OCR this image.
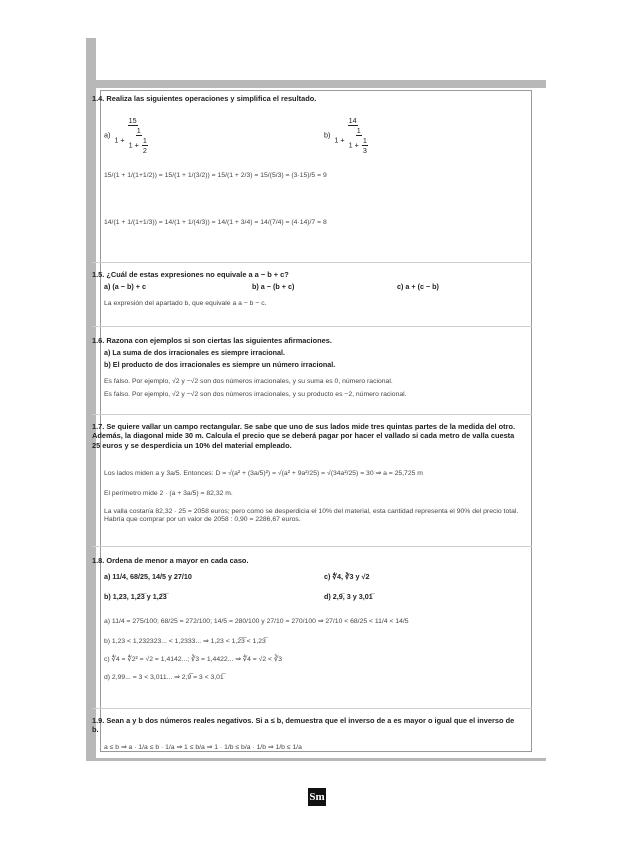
1.4. Realiza las siguientes operaciones y simplifica el resultado.
$a) \frac{15}{1 + \frac{1}{1 + \frac{1}{2}}}$	$b) \frac{14}{1 + \frac{1}{1 + \frac{1}{3}}}$
15/(1 + 1/(1+1/2)) = 15/(1 + 1/(3/2)) = 15/(1 + 2/3) = 15/(5/3) = (3·15)/5 = 9
14/(1 + 1/(1+1/3)) = 14/(1 + 1/(4/3)) = 14/(1 + 3/4) = 14/(7/4) = (4·14)/7 = 8
1.5. ¿Cuál de estas expresiones no equivale a a − b + c?
a) (a − b) + c	b) a − (b + c)	c) a + (c − b)
La expresión del apartado b, que equivale a a − b − c.
1.6. Razona con ejemplos si son ciertas las siguientes afirmaciones.
a) La suma de dos irracionales es siempre irracional.
b) El producto de dos irracionales es siempre un número irracional.
Es falso. Por ejemplo, √2 y −√2 son dos números irracionales, y su suma es 0, número racional.
Es falso. Por ejemplo, √2 y −√2 son dos números irracionales, y su producto es −2, número racional.
1.7. Se quiere vallar un campo rectangular. Se sabe que uno de sus lados mide tres quintas partes de la medida del otro. Además, la diagonal mide 30 m. Calcula el precio que se deberá pagar por hacer el vallado si cada metro de valla cuesta 25 euros y se desperdicia un 10% del material empleado.
Los lados miden a y 3a/5. Entonces: D = √(a² + (3a/5)²) = √(a² + 9a²/25) = √(34a²/25) = 30 ⇒ a = 25,725 m
El perímetro mide 2 · (a + 3a/5) = 82,32 m.
La valla costaría 82,32 · 25 = 2058 euros; pero como se desperdicia el 10% del material, esta cantidad representa el 90% del precio total. Habría que comprar por un valor de 2058 : 0,90 = 2286,67 euros.
1.8. Ordena de menor a mayor en cada caso.
a) 11/4, 68/25, 14/5 y 27/10	c) ∜4, ∛3 y √2
b) 1,23, 1,2̅3̅ y 1,2̅3̅	d) 2,9̅, 3 y 3,01̅
a) 11/4 = 275/100; 68/25 = 272/100; 14/5 = 280/100 y 27/10 = 270/100 ⇒ 27/10 < 68/25 < 11/4 < 14/5
b) 1,23 < 1,232323... < 1,2333... ⇒ 1,23 < 1,2̅3̅ < 1,23̅
c) ∜4 = ∜2² = √2 = 1,4142...; ∛3 = 1,4422... ⇒ ∜4 = √2 < ∛3
d) 2,99... = 3 < 3,011... ⇒ 2,9̅ = 3 < 3,01̅
1.9. Sean a y b dos números reales negativos. Si a ≤ b, demuestra que el inverso de a es mayor o igual que el inverso de b.
a ≤ b ⇒ a · 1/a ≤ b · 1/a ⇒ 1 ≤ b/a ⇒ 1 · 1/b ≤ b/a · 1/b ⇒ 1/b ≤ 1/a
Sm
